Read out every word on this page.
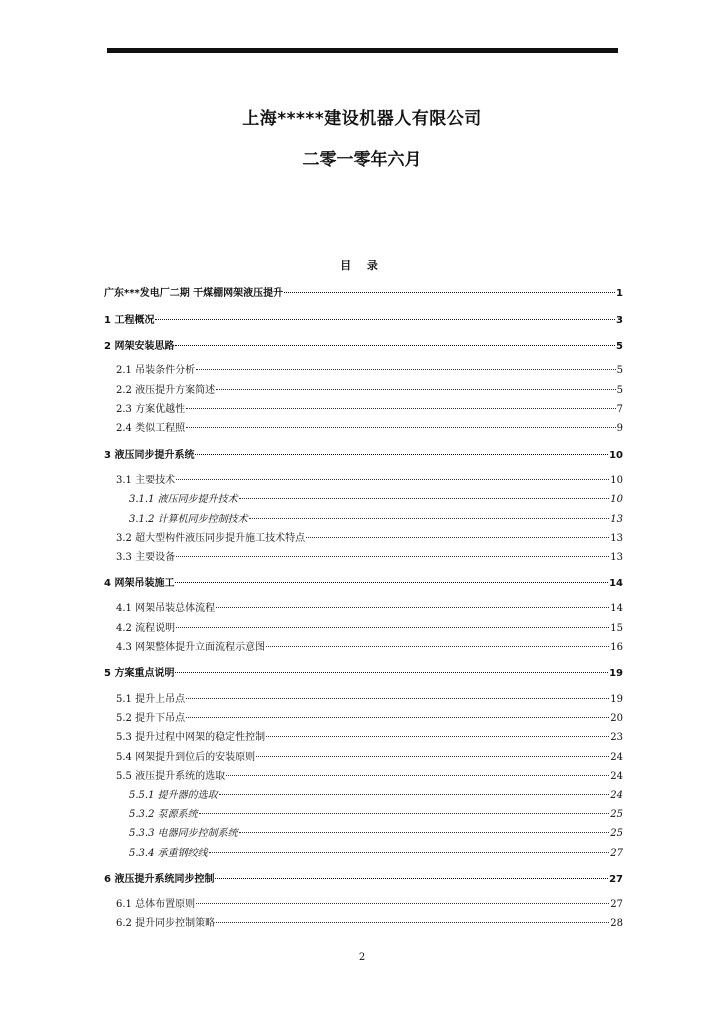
上海*****建设机器人有限公司
二零一零年六月
目 录
广东***发电厂二期 干煤棚网架液压提升	1
1 工程概况	3
2 网架安装思路	5
2.1 吊装条件分析	5
2.2 液压提升方案简述	5
2.3 方案优越性	7
2.4 类似工程照	9
3 液压同步提升系统	10
3.1 主要技术	10
3.1.1 液压同步提升技术	10
3.1.2 计算机同步控制技术	13
3.2 超大型构件液压同步提升施工技术特点	13
3.3 主要设备	13
4 网架吊装施工	14
4.1 网架吊装总体流程	14
4.2 流程说明	15
4.3 网架整体提升立面流程示意图	16
5 方案重点说明	19
5.1 提升上吊点	19
5.2 提升下吊点	20
5.3 提升过程中网架的稳定性控制	23
5.4 网架提升到位后的安装原则	24
5.5 液压提升系统的选取	24
5.5.1 提升器的选取	24
5.3.2 泵源系统	25
5.3.3 电器同步控制系统	25
5.3.4 承重钢绞线	27
6 液压提升系统同步控制	27
6.1 总体布置原则	27
6.2 提升同步控制策略	28
2
